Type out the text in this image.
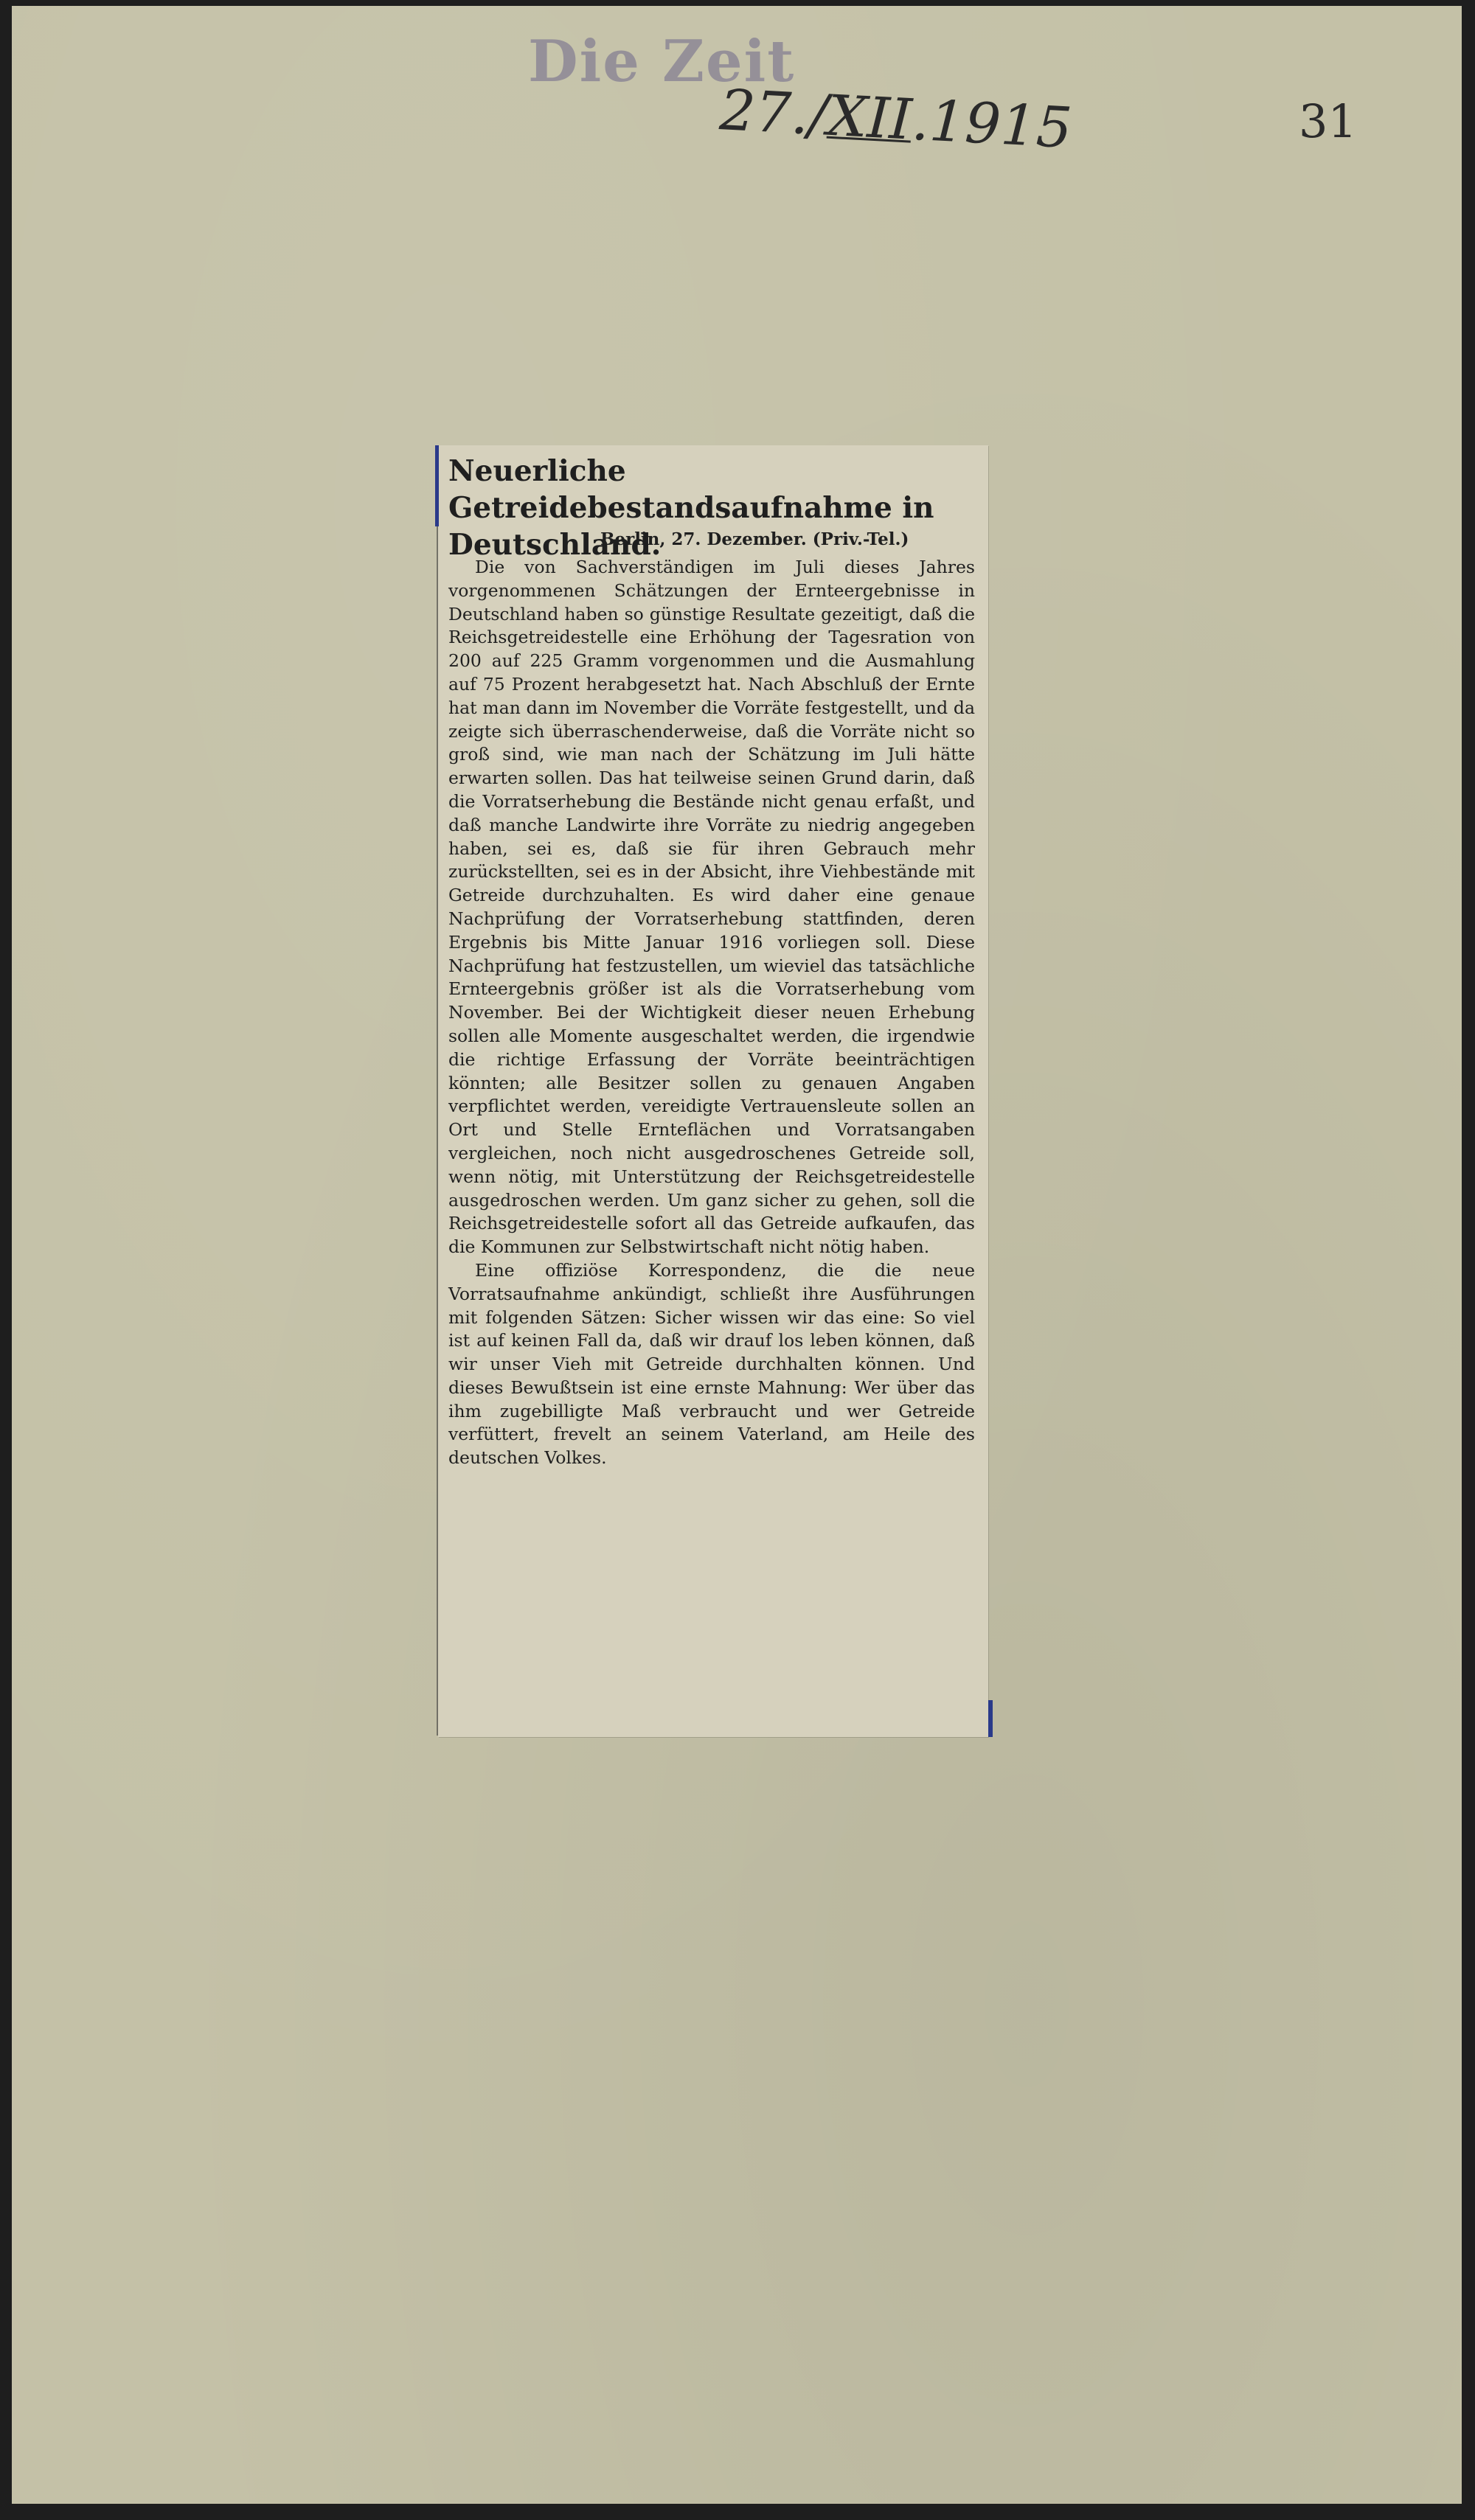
Die Zeit
27./XII.1915	31
Neuerliche Getreidebestandsaufnahme in Deutschland.
Berlin, 27. Dezember. (Priv.-Tel.)

Die von Sachverständigen im Juli dieses Jahres vorgenommenen Schätzungen der Ernteergebnisse in Deutschland haben so günstige Resultate gezeitigt, daß die Reichsgetreidestelle eine Erhöhung der Tagesration von 200 auf 225 Gramm vorgenommen und die Ausmahlung auf 75 Prozent herabgesetzt hat. Nach Abschluß der Ernte hat man dann im November die Vorräte festgestellt, und da zeigte sich überraschenderweise, daß die Vorräte nicht so groß sind, wie man nach der Schätzung im Juli hätte erwarten sollen. Das hat teilweise seinen Grund darin, daß die Vorratserhebung die Bestände nicht genau erfaßt, und daß manche Landwirte ihre Vorräte zu niedrig angegeben haben, sei es, daß sie für ihren Gebrauch mehr zurückstellten, sei es in der Absicht, ihre Viehbestände mit Getreide durchzuhalten. Es wird daher eine genaue Nachprüfung der Vorratserhebung stattfinden, deren Ergebnis bis Mitte Januar 1916 vorliegen soll. Diese Nachprüfung hat festzustellen, um wieviel das tatsächliche Ernteergebnis größer ist als die Vorratserhebung vom November. Bei der Wichtigkeit dieser neuen Erhebung sollen alle Momente ausgeschaltet werden, die irgendwie die richtige Erfassung der Vorräte beeinträchtigen könnten; alle Besitzer sollen zu genauen Angaben verpflichtet werden, vereidigte Vertrauensleute sollen an Ort und Stelle Ernteflächen und Vorratsangaben vergleichen, noch nicht ausgedroschenes Getreide soll, wenn nötig, mit Unterstützung der Reichsgetreidestelle ausgedroschen werden. Um ganz sicher zu gehen, soll die Reichsgetreidestelle sofort all das Getreide aufkaufen, das die Kommunen zur Selbstwirtschaft nicht nötig haben.

Eine offiziöse Korrespondenz, die die neue Vorratsaufnahme ankündigt, schließt ihre Ausführungen mit folgenden Sätzen: Sicher wissen wir das eine: So viel ist auf keinen Fall da, daß wir drauf los leben können, daß wir unser Vieh mit Getreide durchhalten können. Und dieses Bewußtsein ist eine ernste Mahnung: Wer über das ihm zugebilligte Maß verbraucht und wer Getreide verfüttert, frevelt an seinem Vaterland, am Heile des deutschen Volkes.
